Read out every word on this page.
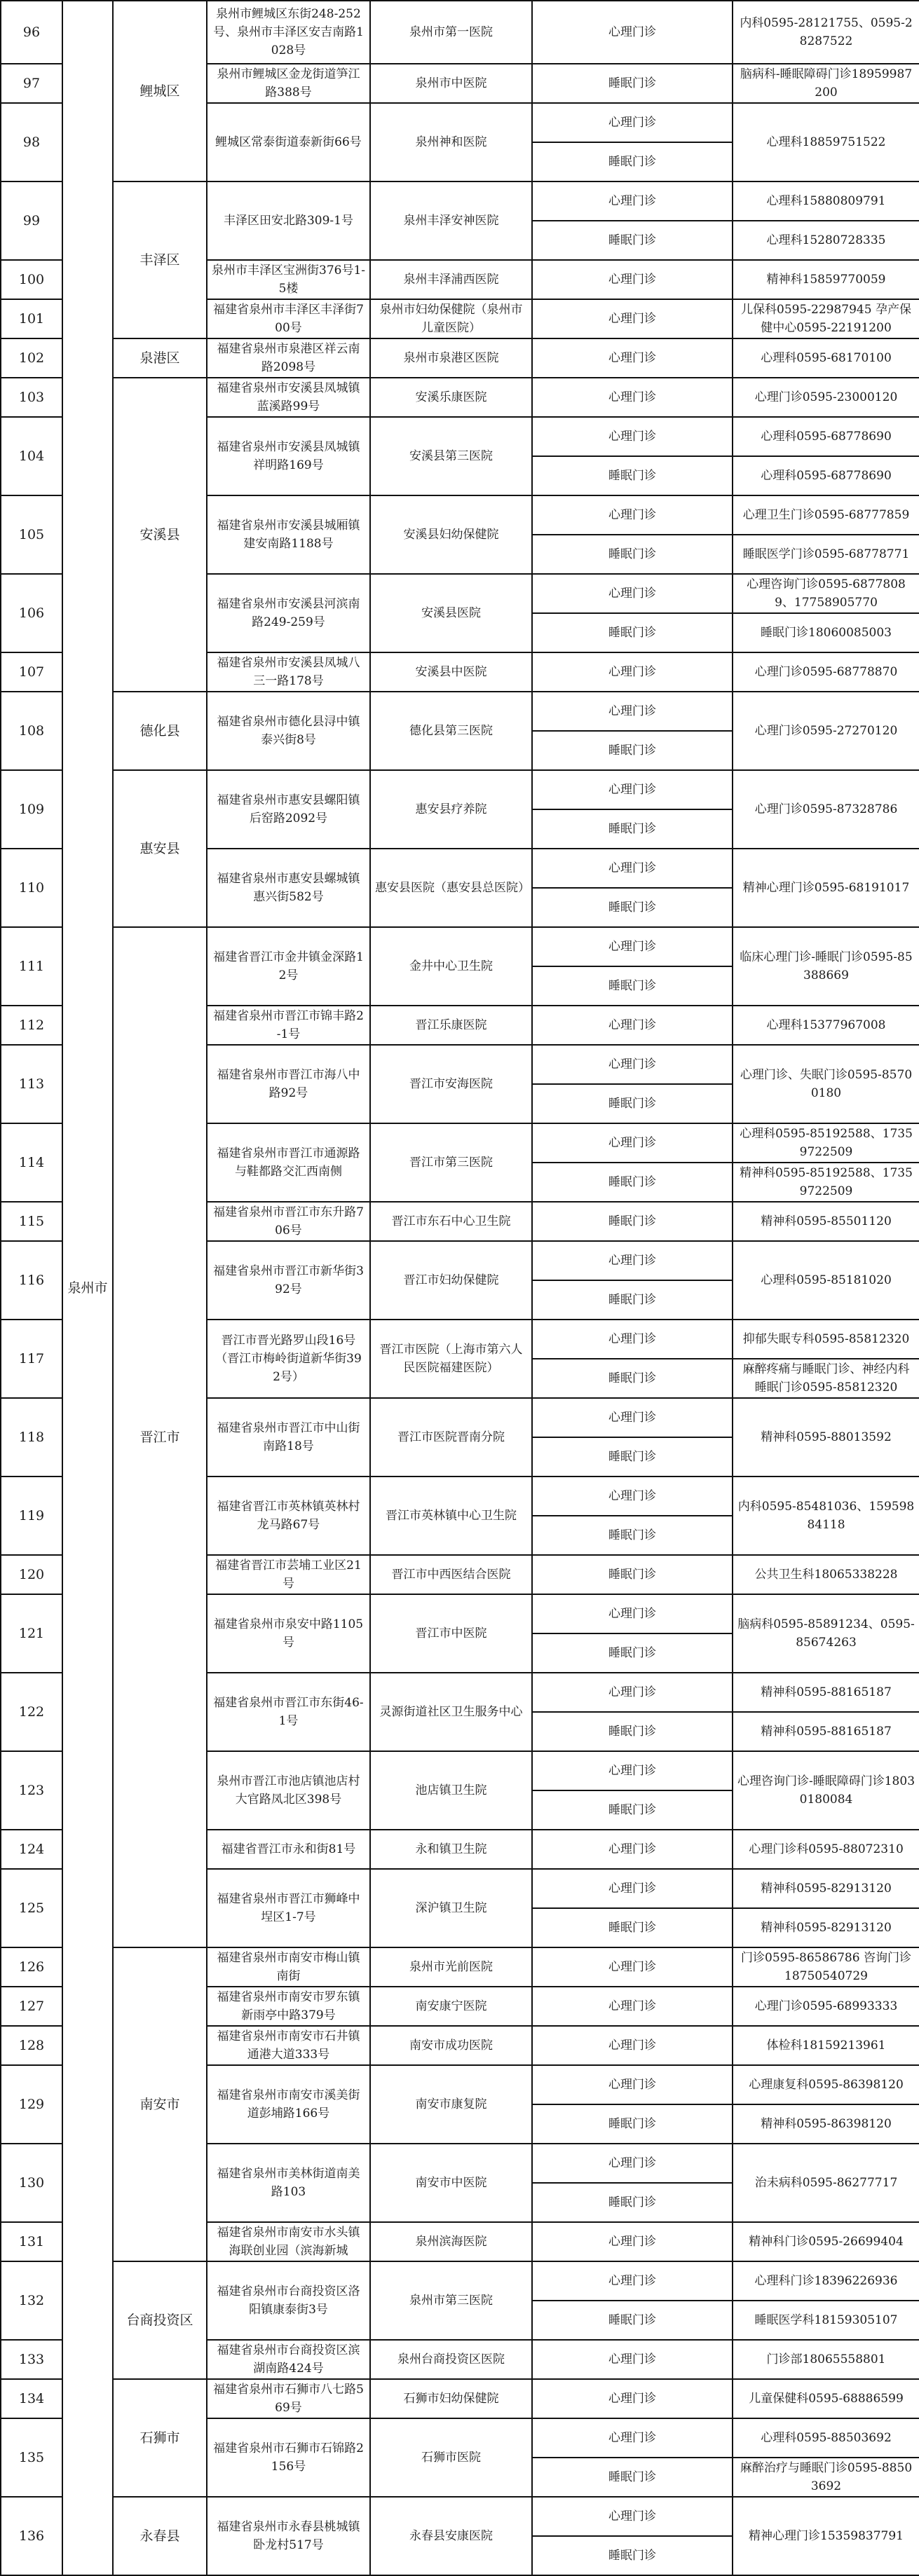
96	泉州市	鲤城区	泉州市鲤城区东街248-252号、泉州市丰泽区安吉南路1028号	泉州市第一医院	心理门诊	内科0595-28121755、0595-28287522
97			泉州市鲤城区金龙街道笋江路388号	泉州市中医院	睡眠门诊	脑病科-睡眠障碍门诊18959987200
98			鲤城区常泰街道泰新街66号	泉州神和医院	心理门诊	心理科18859751522
					睡眠门诊	
99		丰泽区	丰泽区田安北路309-1号	泉州丰泽安神医院	心理门诊	心理科15880809791
					睡眠门诊	心理科15280728335
100			泉州市丰泽区宝洲街376号1-5楼	泉州丰泽浦西医院	心理门诊	精神科15859770059
101			福建省泉州市丰泽区丰泽街700号	泉州市妇幼保健院（泉州市儿童医院）	心理门诊	儿保科0595-22987945 孕产保健中心0595-22191200
102		泉港区	福建省泉州市泉港区祥云南路2098号	泉州市泉港区医院	心理门诊	心理科0595-68170100
103		安溪县	福建省泉州市安溪县凤城镇蓝溪路99号	安溪乐康医院	心理门诊	心理门诊0595-23000120
104			福建省泉州市安溪县凤城镇祥明路169号	安溪县第三医院	心理门诊	心理科0595-68778690
					睡眠门诊	心理科0595-68778690
105			福建省泉州市安溪县城厢镇建安南路1188号	安溪县妇幼保健院	心理门诊	心理卫生门诊0595-68777859
					睡眠门诊	睡眠医学门诊0595-68778771
106			福建省泉州市安溪县河滨南路249-259号	安溪县医院	心理门诊	心理咨询门诊0595-68778089、17758905770
					睡眠门诊	睡眠门诊18060085003
107			福建省泉州市安溪县凤城八三一路178号	安溪县中医院	心理门诊	心理门诊0595-68778870
108		德化县	福建省泉州市德化县浔中镇泰兴街8号	德化县第三医院	心理门诊	心理门诊0595-27270120
					睡眠门诊	
109		惠安县	福建省泉州市惠安县螺阳镇后窑路2092号	惠安县疗养院	心理门诊	心理门诊0595-87328786
					睡眠门诊	
110			福建省泉州市惠安县螺城镇惠兴街582号	惠安县医院（惠安县总医院）	心理门诊	精神心理门诊0595-68191017
					睡眠门诊	
111		晋江市	福建省晋江市金井镇金深路12号	金井中心卫生院	心理门诊	临床心理门诊-睡眠门诊0595-85388669
					睡眠门诊	
112			福建省泉州市晋江市锦丰路2-1号	晋江乐康医院	心理门诊	心理科15377967008
113			福建省泉州市晋江市海八中路92号	晋江市安海医院	心理门诊	心理门诊、失眠门诊0595-85700180
					睡眠门诊	
114			福建省泉州市晋江市通源路与鞋都路交汇西南侧	晋江市第三医院	心理门诊	心理科0595-85192588、17359722509
					睡眠门诊	精神科0595-85192588、17359722509
115			福建省泉州市晋江市东升路706号	晋江市东石中心卫生院	睡眠门诊	精神科0595-85501120
116			福建省泉州市晋江市新华街392号	晋江市妇幼保健院	心理门诊	心理科0595-85181020
					睡眠门诊	
117			晋江市晋光路罗山段16号（晋江市梅岭街道新华街392号）	晋江市医院（上海市第六人民医院福建医院）	心理门诊	抑郁失眠专科0595-85812320
					睡眠门诊	麻醉疼痛与睡眠门诊、神经内科睡眠门诊0595-85812320
118			福建省泉州市晋江市中山街南路18号	晋江市医院晋南分院	心理门诊	精神科0595-88013592
					睡眠门诊	
119			福建省晋江市英林镇英林村龙马路67号	晋江市英林镇中心卫生院	心理门诊	内科0595-85481036、15959884118
					睡眠门诊	
120			福建省晋江市芸埔工业区21号	晋江市中西医结合医院	睡眠门诊	公共卫生科18065338228
121			福建省泉州市泉安中路1105号	晋江市中医院	心理门诊	脑病科0595-85891234、0595-85674263
					睡眠门诊	
122			福建省泉州市晋江市东街46-1号	灵源街道社区卫生服务中心	心理门诊	精神科0595-88165187
					睡眠门诊	精神科0595-88165187
123			泉州市晋江市池店镇池店村大官路凤北区398号	池店镇卫生院	心理门诊	心理咨询门诊-睡眠障碍门诊18030180084
					睡眠门诊	
124			福建省晋江市永和街81号	永和镇卫生院	心理门诊	心理门诊科0595-88072310
125			福建省泉州市晋江市狮峰中埕区1-7号	深沪镇卫生院	心理门诊	精神科0595-82913120
					睡眠门诊	精神科0595-82913120
126		南安市	福建省泉州市南安市梅山镇南街	泉州市光前医院	心理门诊	门诊0595-86586786 咨询门诊18750540729
127			福建省泉州市南安市罗东镇新雨亭中路379号	南安康宁医院	心理门诊	心理门诊0595-68993333
128			福建省泉州市南安市石井镇通港大道333号	南安市成功医院	心理门诊	体检科18159213961
129			福建省泉州市南安市溪美街道彭埔路166号	南安市康复院	心理门诊	心理康复科0595-86398120
					睡眠门诊	精神科0595-86398120
130			福建省泉州市美林街道南美路103	南安市中医院	心理门诊	治未病科0595-86277717
					睡眠门诊	
131			福建省泉州市南安市水头镇海联创业园（滨海新城	泉州滨海医院	心理门诊	精神科门诊0595-26699404
132		台商投资区	福建省泉州市台商投资区洛阳镇康泰街3号	泉州市第三医院	心理门诊	心理科门诊18396226936
					睡眠门诊	睡眠医学科18159305107
133			福建省泉州市台商投资区滨湖南路424号	泉州台商投资区医院	心理门诊	门诊部18065558801
134		石狮市	福建省泉州市石狮市八七路569号	石狮市妇幼保健院	心理门诊	儿童保健科0595-68886599
135			福建省泉州市石狮市石锦路2156号	石狮市医院	心理门诊	心理科0595-88503692
					睡眠门诊	麻醉治疗与睡眠门诊0595-88503692
136		永春县	福建省泉州市永春县桃城镇卧龙村517号	永春县安康医院	心理门诊	精神心理门诊15359837791
					睡眠门诊	
